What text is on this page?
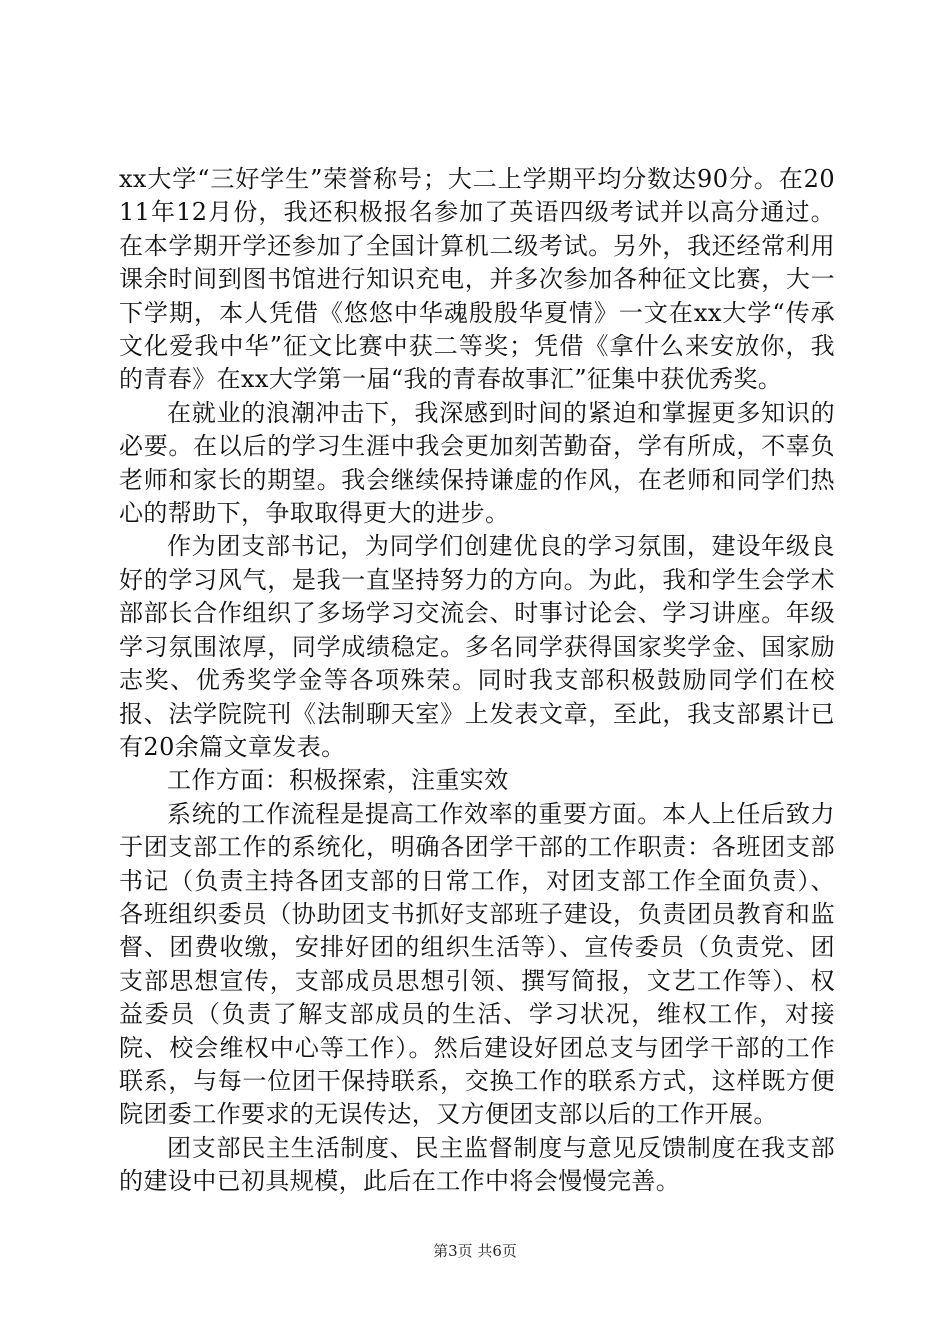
xx大学“三好学生”荣誉称号；大二上学期平均分数达90分。在2011年12月份，我还积极报名参加了英语四级考试并以高分通过。在本学期开学还参加了全国计算机二级考试。另外，我还经常利用课余时间到图书馆进行知识充电，并多次参加各种征文比赛，大一下学期，本人凭借《悠悠中华魂殷殷华夏情》一文在xx大学“传承文化爱我中华”征文比赛中获二等奖；凭借《拿什么来安放你，我的青春》在xx大学第一届“我的青春故事汇”征集中获优秀奖。

在就业的浪潮冲击下，我深感到时间的紧迫和掌握更多知识的必要。在以后的学习生涯中我会更加刻苦勤奋，学有所成，不辜负老师和家长的期望。我会继续保持谦虚的作风，在老师和同学们热心的帮助下，争取取得更大的进步。

作为团支部书记，为同学们创建优良的学习氛围，建设年级良好的学习风气，是我一直坚持努力的方向。为此，我和学生会学术部部长合作组织了多场学习交流会、时事讨论会、学习讲座。年级学习氛围浓厚，同学成绩稳定。多名同学获得国家奖学金、国家励志奖、优秀奖学金等各项殊荣。同时我支部积极鼓励同学们在校报、法学院院刊《法制聊天室》上发表文章，至此，我支部累计已有20余篇文章发表。

工作方面：积极探索，注重实效

系统的工作流程是提高工作效率的重要方面。本人上任后致力于团支部工作的系统化，明确各团学干部的工作职责：各班团支部书记（负责主持各团支部的日常工作，对团支部工作全面负责）、各班组织委员（协助团支书抓好支部班子建设，负责团员教育和监督、团费收缴，安排好团的组织生活等）、宣传委员（负责党、团支部思想宣传，支部成员思想引领、撰写简报，文艺工作等）、权益委员（负责了解支部成员的生活、学习状况，维权工作，对接院、校会维权中心等工作）。然后建设好团总支与团学干部的工作联系，与每一位团干保持联系，交换工作的联系方式，这样既方便院团委工作要求的无误传达，又方便团支部以后的工作开展。

团支部民主生活制度、民主监督制度与意见反馈制度在我支部的建设中已初具规模，此后在工作中将会慢慢完善。

第3页 共6页
